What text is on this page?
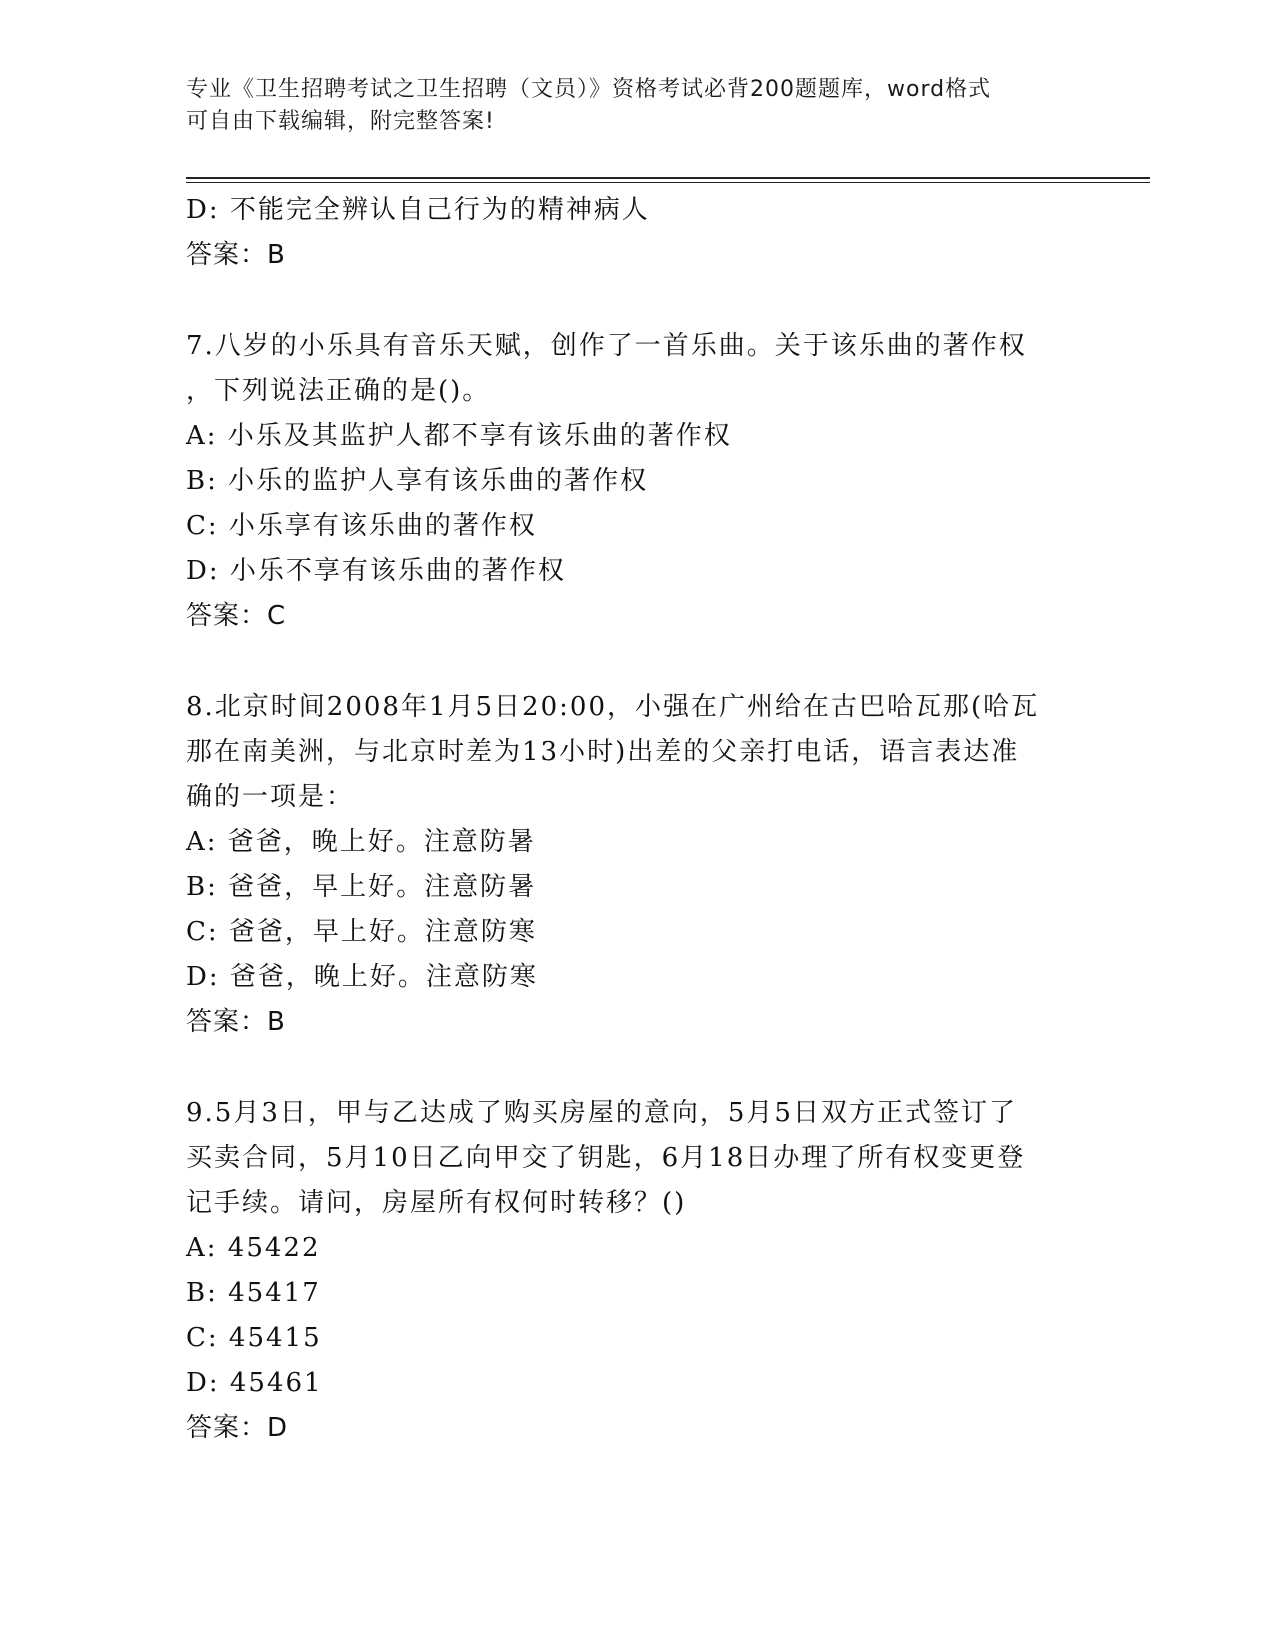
专业《卫生招聘考试之卫生招聘（文员）》资格考试必背200题题库，word格式
可自由下载编辑，附完整答案!
D: 不能完全辨认自己行为的精神病人
答案：B
7.八岁的小乐具有音乐天赋，创作了一首乐曲。关于该乐曲的著作权
，下列说法正确的是()。
A: 小乐及其监护人都不享有该乐曲的著作权
B: 小乐的监护人享有该乐曲的著作权
C: 小乐享有该乐曲的著作权
D: 小乐不享有该乐曲的著作权
答案：C
8.北京时间2008年1月5日20:00，小强在广州给在古巴哈瓦那(哈瓦
那在南美洲，与北京时差为13小时)出差的父亲打电话，语言表达准
确的一项是：
A: 爸爸，晚上好。注意防暑
B: 爸爸，早上好。注意防暑
C: 爸爸，早上好。注意防寒
D: 爸爸，晚上好。注意防寒
答案：B
9.5月3日，甲与乙达成了购买房屋的意向，5月5日双方正式签订了
买卖合同，5月10日乙向甲交了钥匙，6月18日办理了所有权变更登
记手续。请问，房屋所有权何时转移？()
A: 45422
B: 45417
C: 45415
D: 45461
答案：D
